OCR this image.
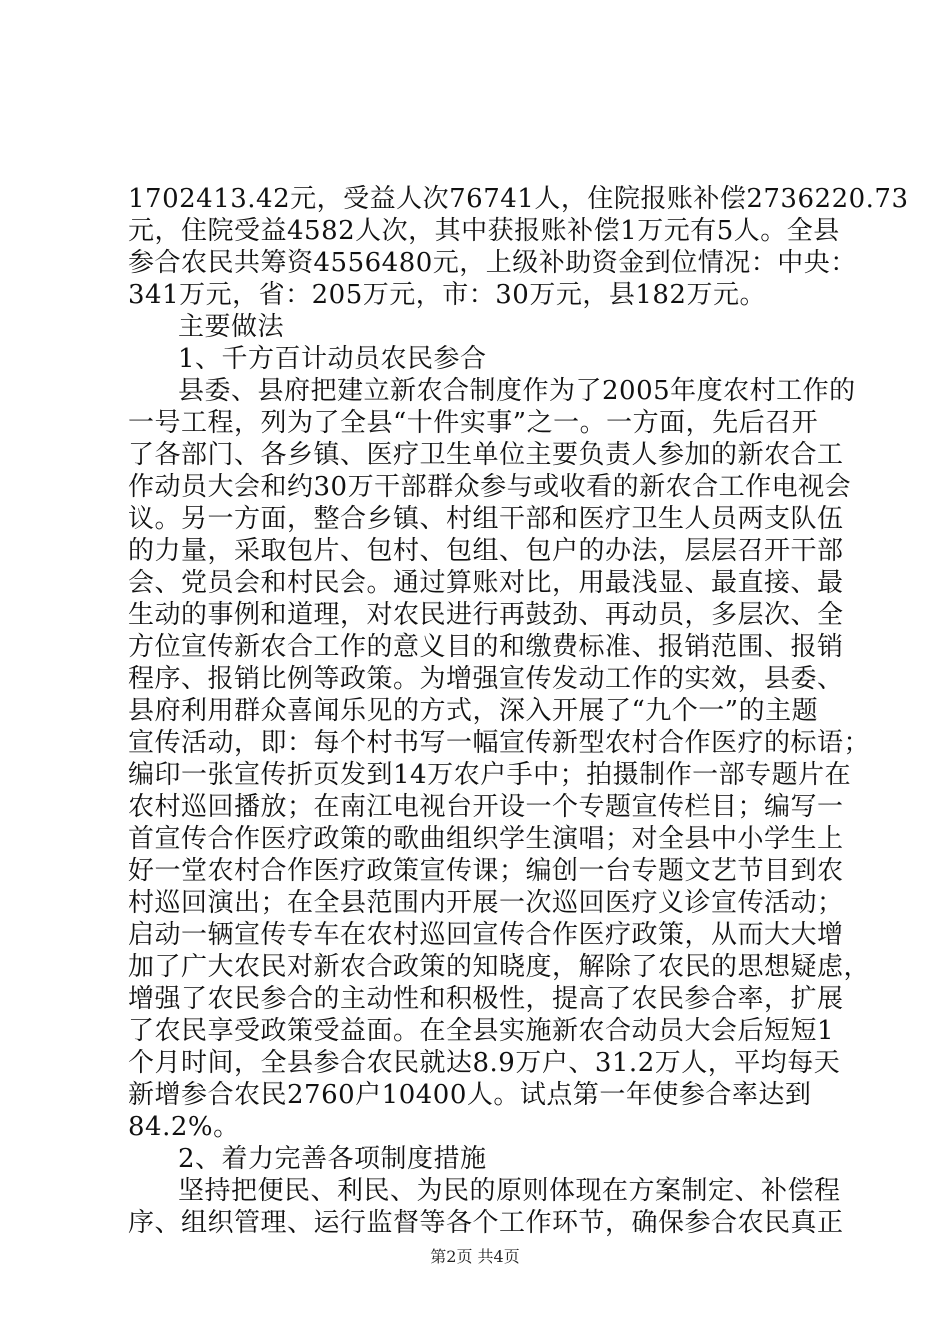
1702413.42元，受益人次76741人，住院报账补偿2736220.73
元，住院受益4582人次，其中获报账补偿1万元有5人。全县
参合农民共筹资4556480元，上级补助资金到位情况：中央：
341万元，省：205万元，市：30万元，县182万元。
主要做法
1、千方百计动员农民参合
县委、县府把建立新农合制度作为了2005年度农村工作的
一号工程，列为了全县“十件实事”之一。一方面，先后召开
了各部门、各乡镇、医疗卫生单位主要负责人参加的新农合工
作动员大会和约30万干部群众参与或收看的新农合工作电视会
议。另一方面，整合乡镇、村组干部和医疗卫生人员两支队伍
的力量，采取包片、包村、包组、包户的办法，层层召开干部
会、党员会和村民会。通过算账对比，用最浅显、最直接、最
生动的事例和道理，对农民进行再鼓劲、再动员，多层次、全
方位宣传新农合工作的意义目的和缴费标准、报销范围、报销
程序、报销比例等政策。为增强宣传发动工作的实效，县委、
县府利用群众喜闻乐见的方式，深入开展了“九个一”的主题
宣传活动，即：每个村书写一幅宣传新型农村合作医疗的标语；
编印一张宣传折页发到14万农户手中；拍摄制作一部专题片在
农村巡回播放；在南江电视台开设一个专题宣传栏目；编写一
首宣传合作医疗政策的歌曲组织学生演唱；对全县中小学生上
好一堂农村合作医疗政策宣传课；编创一台专题文艺节目到农
村巡回演出；在全县范围内开展一次巡回医疗义诊宣传活动；
启动一辆宣传专车在农村巡回宣传合作医疗政策，从而大大增
加了广大农民对新农合政策的知晓度，解除了农民的思想疑虑，
增强了农民参合的主动性和积极性，提高了农民参合率，扩展
了农民享受政策受益面。在全县实施新农合动员大会后短短1
个月时间，全县参合农民就达8.9万户、31.2万人，平均每天
新增参合农民2760户10400人。试点第一年使参合率达到
84.2%。
2、着力完善各项制度措施
坚持把便民、利民、为民的原则体现在方案制定、补偿程
序、组织管理、运行监督等各个工作环节，确保参合农民真正
第2页 共4页
